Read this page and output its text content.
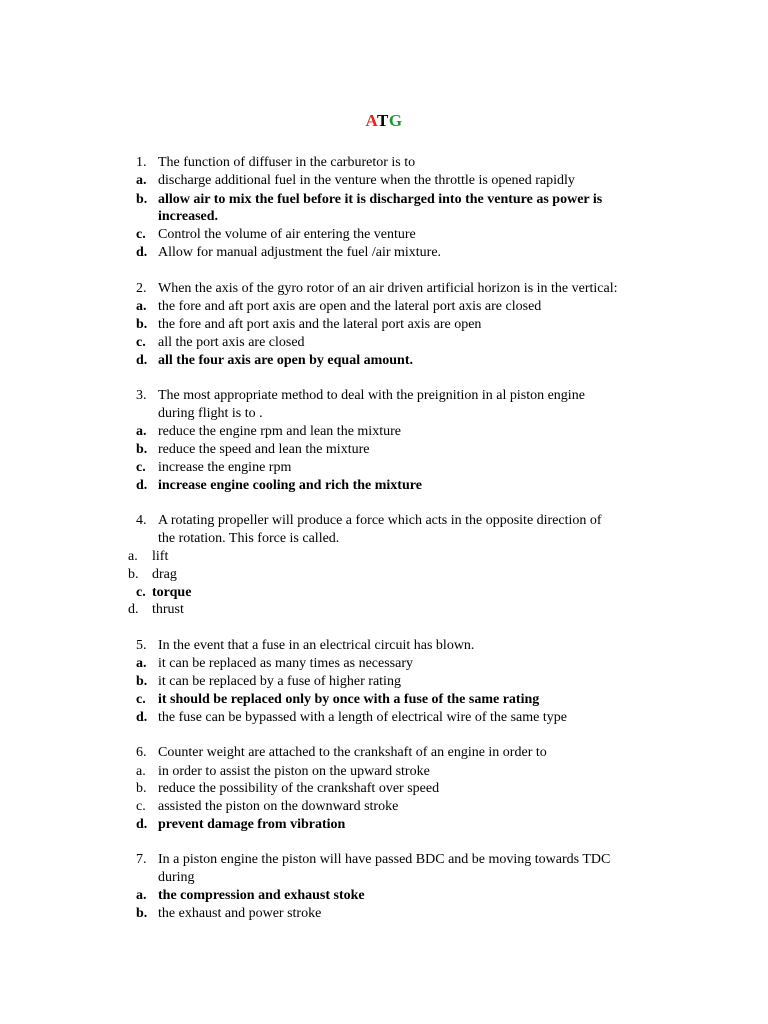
ATG
1. The function of diffuser in the carburetor is to
a. discharge additional fuel in the venture when the throttle is opened rapidly
b. allow air to mix the fuel before it is discharged into the venture as power is
increased.
c. Control the volume of air entering the venture
d. Allow for manual adjustment the fuel /air mixture.
2. When the axis of the gyro rotor of an air driven artificial horizon is in the vertical:
a. the fore and aft port axis are open and the lateral port axis are closed
b. the fore and aft port axis and the lateral port axis are open
c. all the port axis are closed
d. all the four axis are open by equal amount.
3. The most appropriate method to deal with the preignition in al piston engine
during flight is to .
a. reduce the engine rpm and lean the mixture
b. reduce the speed and lean the mixture
c. increase the engine rpm
d. increase engine cooling and rich the mixture
4. A rotating propeller will produce a force which acts in the opposite direction of
the rotation. This force is called.
a. lift
b. drag
c. torque
d. thrust
5. In the event that a fuse in an electrical circuit has blown.
a. it can be replaced as many times as necessary
b. it can be replaced by a fuse of higher rating
c. it should be replaced only by once with a fuse of the same rating
d. the fuse can be bypassed with a length of electrical wire of the same type
6. Counter weight are attached to the crankshaft of an engine in order to
a. in order to assist the piston on the upward stroke
b. reduce the possibility of the crankshaft over speed
c. assisted the piston on the downward stroke
d. prevent damage from vibration
7. In a piston engine the piston will have passed BDC and be moving towards TDC
during
a. the compression and exhaust stoke
b. the exhaust and power stroke
